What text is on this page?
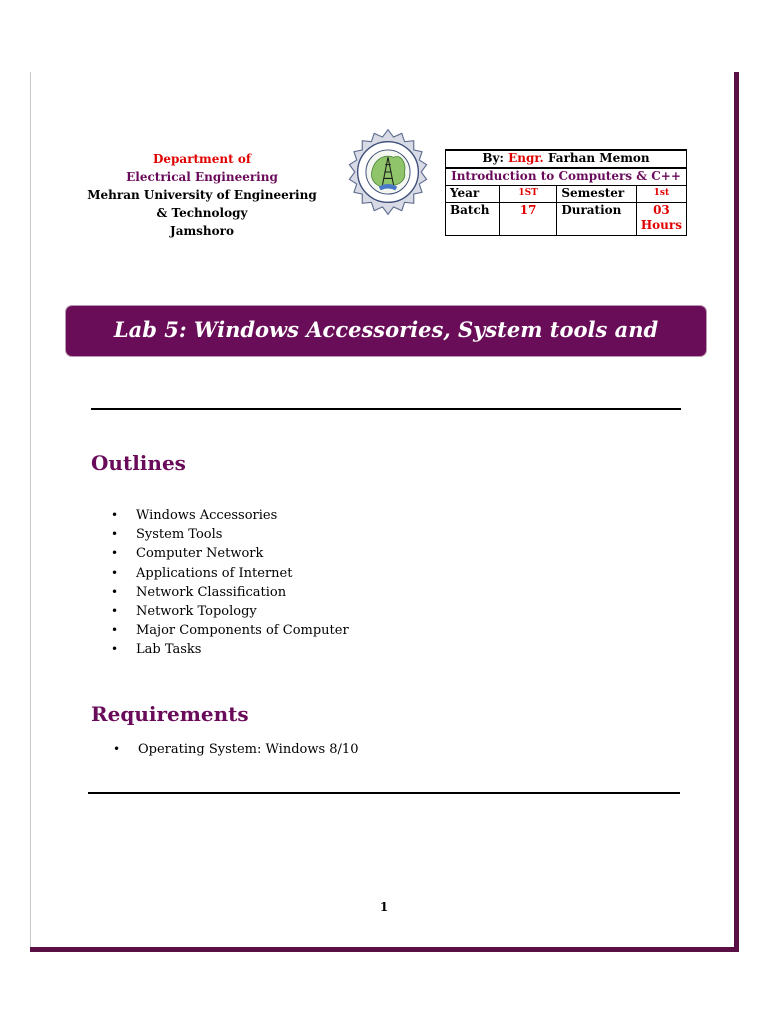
Department of
Electrical Engineering
Mehran University of Engineering
& Technology
Jamshoro
By: Engr. Farhan Memon			
Introduction to Computers & C++			
Year	1ST	Semester	1st
Batch	17	Duration	03
Hours
Lab 5: Windows Accessories, System tools and Networks
Outlines
• Windows Accessories
• System Tools
• Computer Network
• Applications of Internet
• Network Classification
• Network Topology
• Major Components of Computer
• Lab Tasks
Requirements
• Operating System: Windows 8/10
1
